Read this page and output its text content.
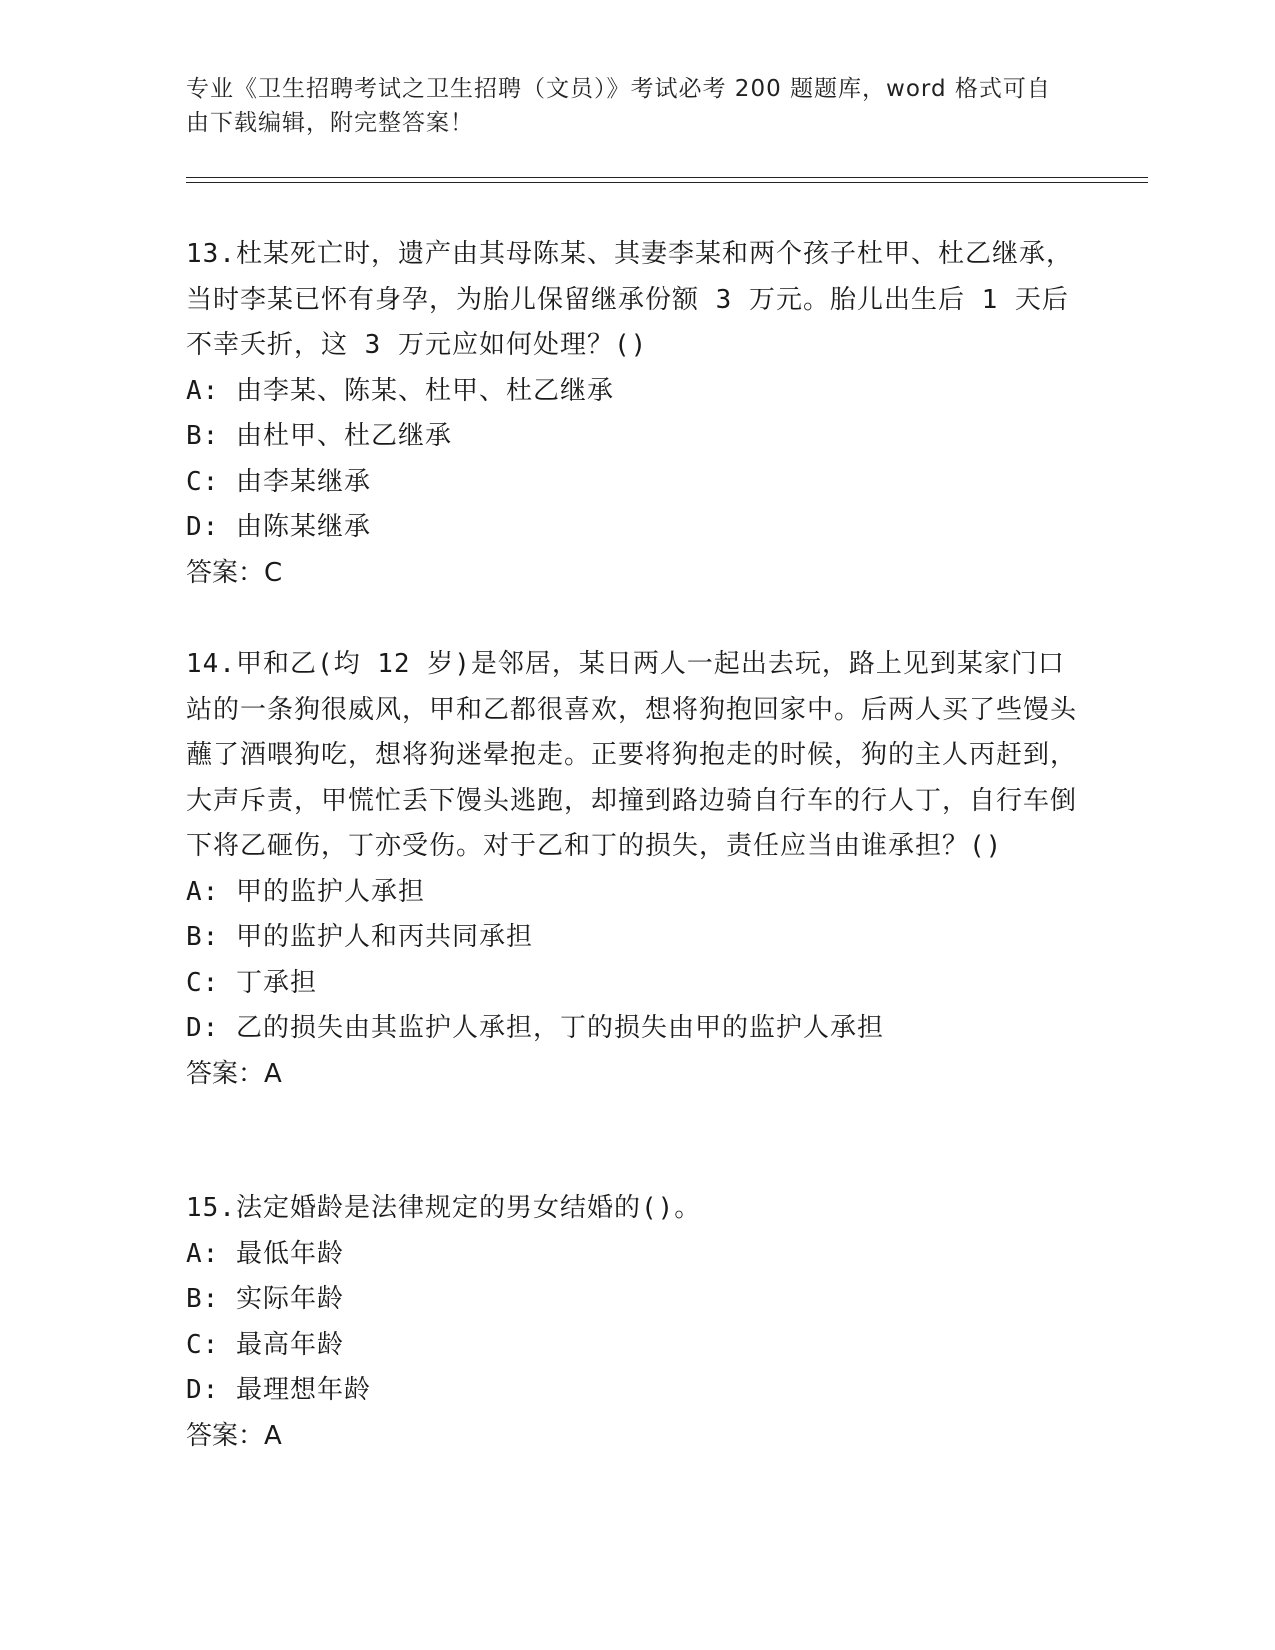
专业《卫生招聘考试之卫生招聘（文员）》考试必考 200 题题库，word 格式可自由下载编辑，附完整答案！

13.杜某死亡时，遗产由其母陈某、其妻李某和两个孩子杜甲、杜乙继承，当时李某已怀有身孕，为胎儿保留继承份额 3 万元。胎儿出生后 1 天后不幸夭折，这 3 万元应如何处理？()

A: 由李某、陈某、杜甲、杜乙继承

B: 由杜甲、杜乙继承

C: 由李某继承

D: 由陈某继承

答案：C

14.甲和乙(均 12 岁)是邻居，某日两人一起出去玩，路上见到某家门口站的一条狗很威风，甲和乙都很喜欢，想将狗抱回家中。后两人买了些馒头蘸了酒喂狗吃，想将狗迷晕抱走。正要将狗抱走的时候，狗的主人丙赶到，大声斥责，甲慌忙丢下馒头逃跑，却撞到路边骑自行车的行人丁，自行车倒下将乙砸伤，丁亦受伤。对于乙和丁的损失，责任应当由谁承担？()

A: 甲的监护人承担

B: 甲的监护人和丙共同承担

C: 丁承担

D: 乙的损失由其监护人承担，丁的损失由甲的监护人承担

答案：A

15.法定婚龄是法律规定的男女结婚的()。

A: 最低年龄

B: 实际年龄

C: 最高年龄

D: 最理想年龄

答案：A
